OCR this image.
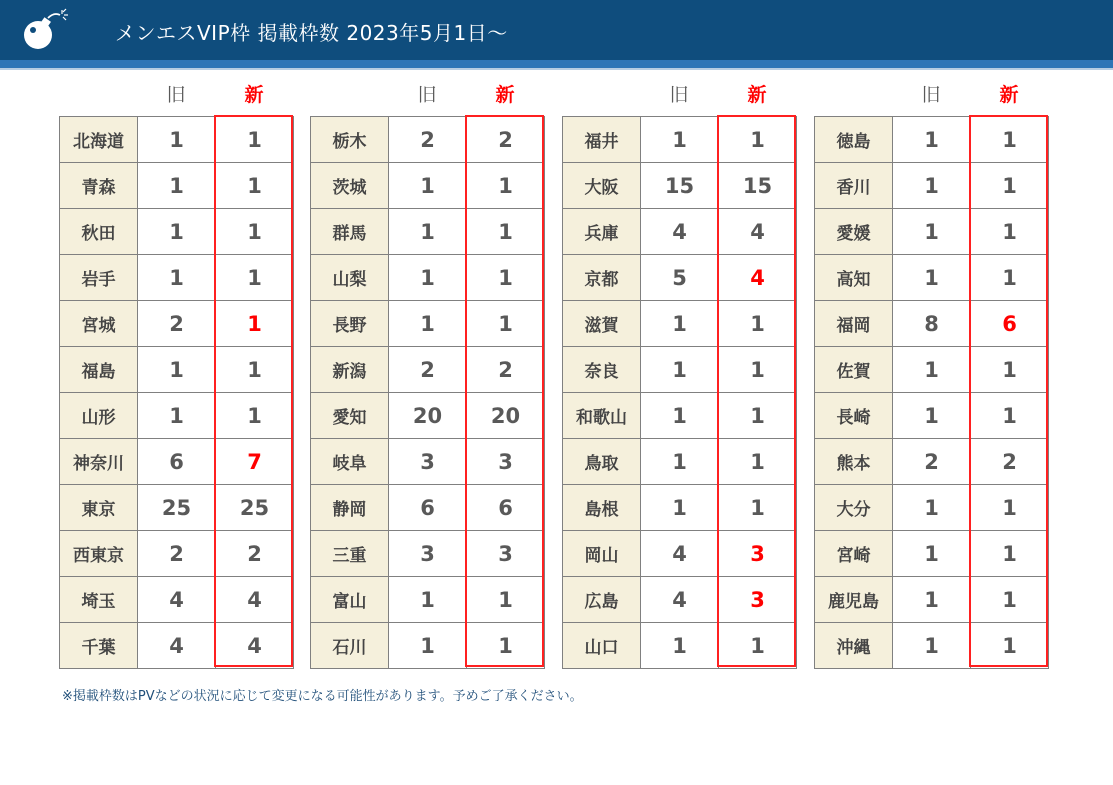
メンエスVIP枠 掲載枠数 2023年5月1日～
旧	新
北海道	1	1
青森	1	1
秋田	1	1
岩手	1	1
宮城	2	1
福島	1	1
山形	1	1
神奈川	6	7
東京	25	25
西東京	2	2
埼玉	4	4
千葉	4	4
旧	新
栃木	2	2
茨城	1	1
群馬	1	1
山梨	1	1
長野	1	1
新潟	2	2
愛知	20	20
岐阜	3	3
静岡	6	6
三重	3	3
富山	1	1
石川	1	1
旧	新
福井	1	1
大阪	15	15
兵庫	4	4
京都	5	4
滋賀	1	1
奈良	1	1
和歌山	1	1
鳥取	1	1
島根	1	1
岡山	4	3
広島	4	3
山口	1	1
旧	新
徳島	1	1
香川	1	1
愛媛	1	1
高知	1	1
福岡	8	6
佐賀	1	1
長崎	1	1
熊本	2	2
大分	1	1
宮崎	1	1
鹿児島	1	1
沖縄	1	1
※掲載枠数はPVなどの状況に応じて変更になる可能性があります。予めご了承ください。
